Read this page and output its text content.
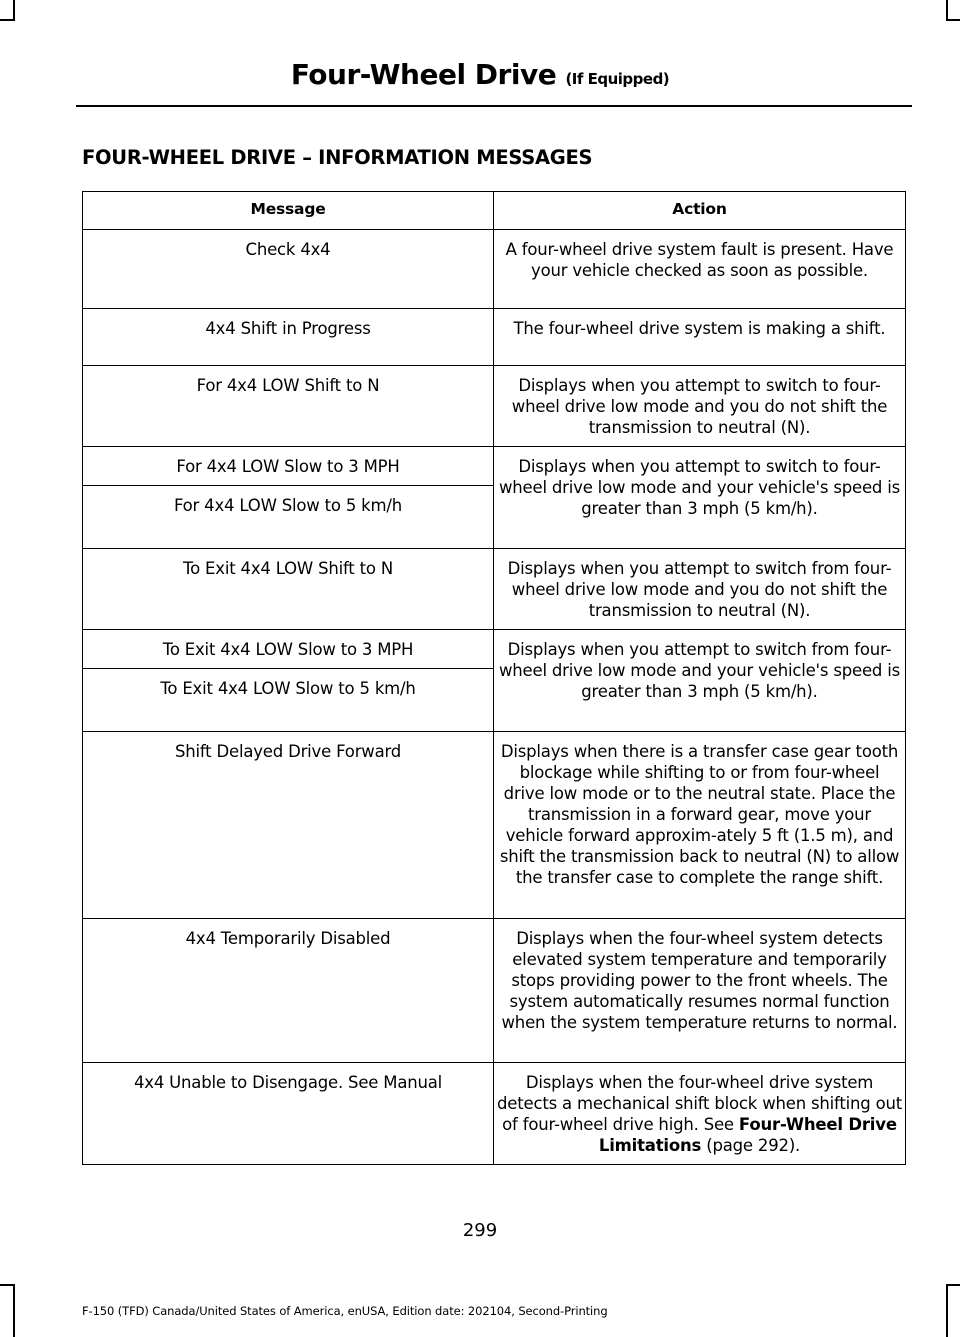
Four-Wheel Drive (If Equipped)
FOUR-WHEEL DRIVE – INFORMATION MESSAGES
Message	Action
Check 4x4	A four-wheel drive system fault is present. Have your vehicle checked as soon as possible.
4x4 Shift in Progress	The four-wheel drive system is making a shift.
For 4x4 LOW Shift to N	Displays when you attempt to switch to four-wheel drive low mode and you do not shift the transmission to neutral (N).
For 4x4 LOW Slow to 3 MPH	Displays when you attempt to switch to four-wheel drive low mode and your vehicle's speed is greater than 3 mph (5 km/h).
For 4x4 LOW Slow to 5 km/h	
To Exit 4x4 LOW Shift to N	Displays when you attempt to switch from four-wheel drive low mode and you do not shift the transmission to neutral (N).
To Exit 4x4 LOW Slow to 3 MPH	Displays when you attempt to switch from four-wheel drive low mode and your vehicle's speed is greater than 3 mph (5 km/h).
To Exit 4x4 LOW Slow to 5 km/h	
Shift Delayed Drive Forward	Displays when there is a transfer case gear tooth blockage while shifting to or from four-wheel drive low mode or to the neutral state. Place the transmission in a forward gear, move your vehicle forward approxim-ately 5 ft (1.5 m), and shift the transmission back to neutral (N) to allow the transfer case to complete the range shift.
4x4 Temporarily Disabled	Displays when the four-wheel system detects elevated system temperature and temporarily stops providing power to the front wheels. The system automatically resumes normal function when the system temperature returns to normal.
4x4 Unable to Disengage. See Manual	Displays when the four-wheel drive system detects a mechanical shift block when shifting out of four-wheel drive high. See Four-Wheel Drive Limitations (page 292).
299
F-150 (TFD) Canada/United States of America, enUSA, Edition date: 202104, Second-Printing
